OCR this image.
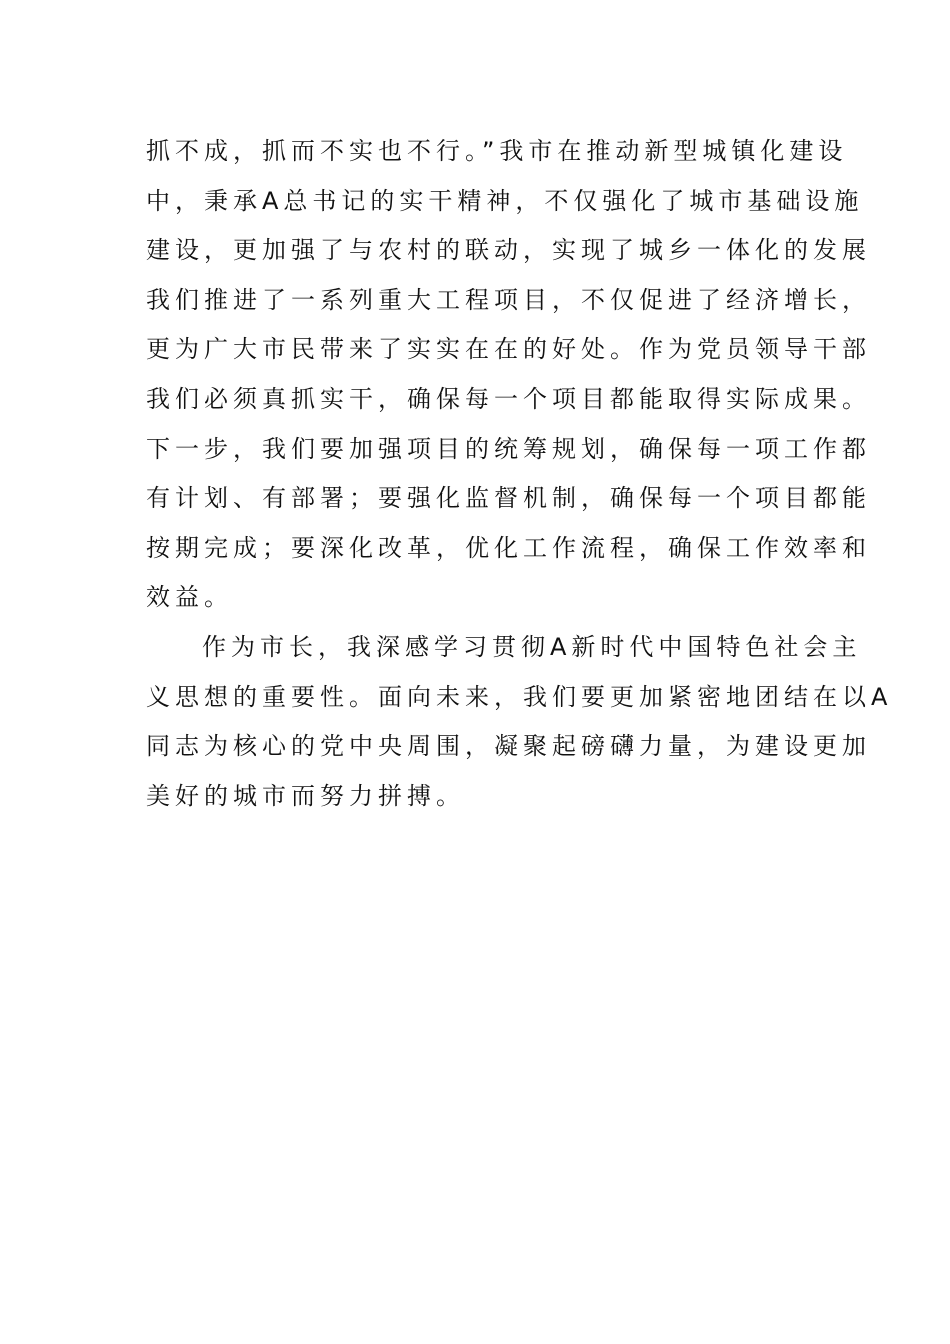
抓不成，抓而不实也不行。”我市在推动新型城镇化建设
中，秉承A总书记的实干精神，不仅强化了城市基础设施
建设，更加强了与农村的联动，实现了城乡一体化的发展
我们推进了一系列重大工程项目，不仅促进了经济增长，
更为广大市民带来了实实在在的好处。作为党员领导干部
我们必须真抓实干，确保每一个项目都能取得实际成果。
下一步，我们要加强项目的统筹规划，确保每一项工作都
有计划、有部署；要强化监督机制，确保每一个项目都能
按期完成；要深化改革，优化工作流程，确保工作效率和
效益。
作为市长，我深感学习贯彻A新时代中国特色社会主
义思想的重要性。面向未来，我们要更加紧密地团结在以A
同志为核心的党中央周围，凝聚起磅礴力量，为建设更加
美好的城市而努力拼搏。
